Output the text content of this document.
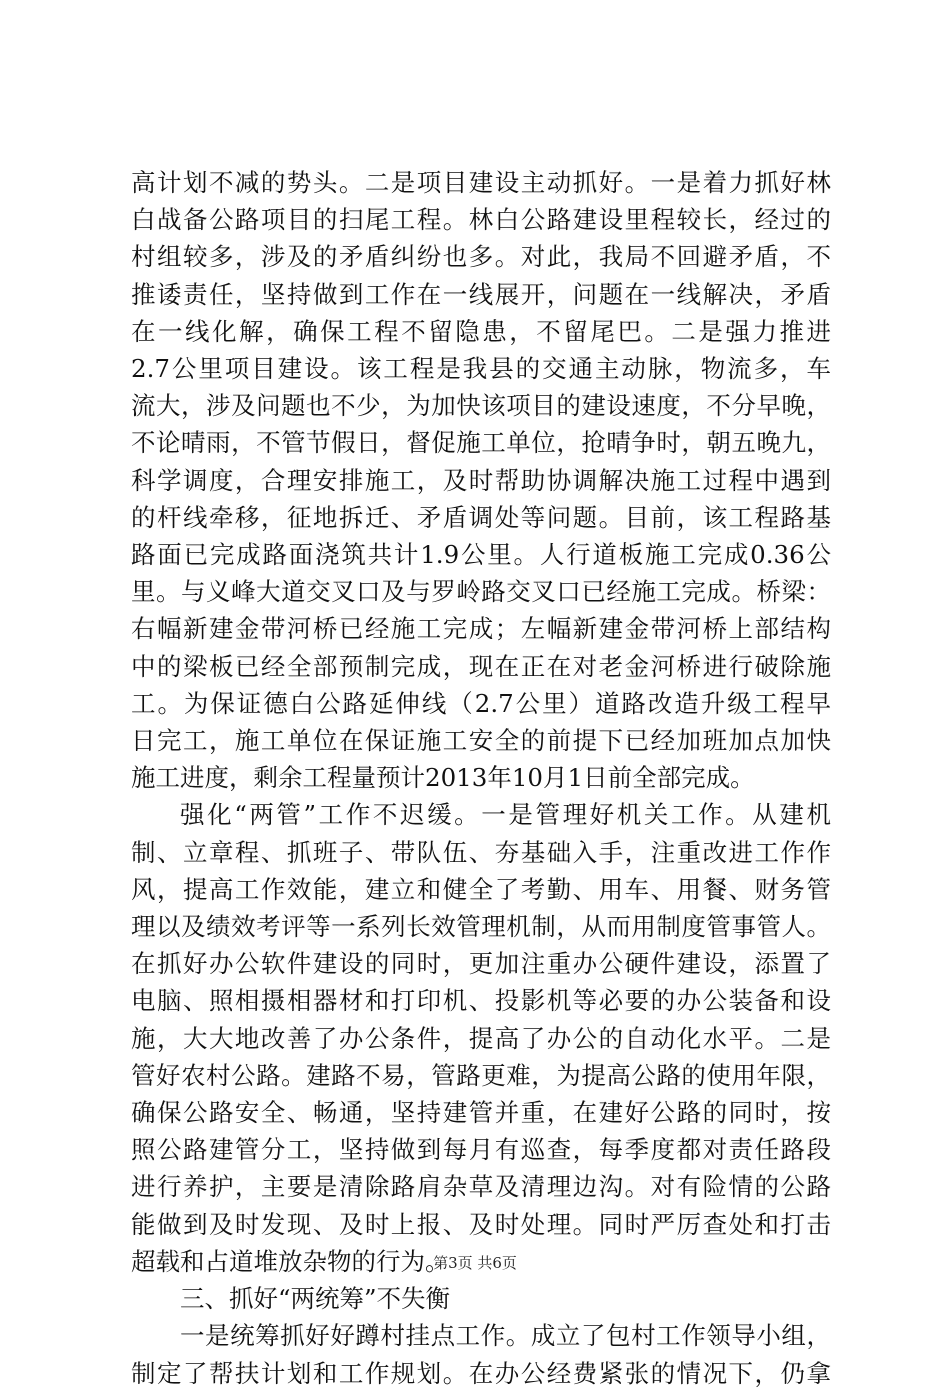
高计划不减的势头。二是项目建设主动抓好。一是着力抓好林

白战备公路项目的扫尾工程。林白公路建设里程较长，经过的

村组较多，涉及的矛盾纠纷也多。对此，我局不回避矛盾，不

推诿责任，坚持做到工作在一线展开，问题在一线解决，矛盾

在一线化解，确保工程不留隐患，不留尾巴。二是强力推进

2.7公里项目建设。该工程是我县的交通主动脉，物流多，车

流大，涉及问题也不少，为加快该项目的建设速度，不分早晚，

不论晴雨，不管节假日，督促施工单位，抢晴争时，朝五晚九，

科学调度，合理安排施工，及时帮助协调解决施工过程中遇到

的杆线牵移，征地拆迁、矛盾调处等问题。目前，该工程路基

路面已完成路面浇筑共计1.9公里。人行道板施工完成0.36公

里。与义峰大道交叉口及与罗岭路交叉口已经施工完成。桥梁：

右幅新建金带河桥已经施工完成；左幅新建金带河桥上部结构

中的梁板已经全部预制完成，现在正在对老金河桥进行破除施

工。为保证德白公路延伸线（2.7公里）道路改造升级工程早

日完工，施工单位在保证施工安全的前提下已经加班加点加快

施工进度，剩余工程量预计2013年10月1日前全部完成。

强化“两管”工作不迟缓。一是管理好机关工作。从建机

制、立章程、抓班子、带队伍、夯基础入手，注重改进工作作

风，提高工作效能，建立和健全了考勤、用车、用餐、财务管

理以及绩效考评等一系列长效管理机制，从而用制度管事管人。

在抓好办公软件建设的同时，更加注重办公硬件建设，添置了

电脑、照相摄相器材和打印机、投影机等必要的办公装备和设

施，大大地改善了办公条件，提高了办公的自动化水平。二是

管好农村公路。建路不易，管路更难，为提高公路的使用年限，

确保公路安全、畅通，坚持建管并重，在建好公路的同时，按

照公路建管分工，坚持做到每月有巡查，每季度都对责任路段

进行养护，主要是清除路肩杂草及清理边沟。对有险情的公路

能做到及时发现、及时上报、及时处理。同时严厉查处和打击

超载和占道堆放杂物的行为。

三、抓好“两统筹”不失衡

一是统筹抓好好蹲村挂点工作。成立了包村工作领导小组，

制定了帮扶计划和工作规划。在办公经费紧张的情况下，仍拿

第3页 共6页
